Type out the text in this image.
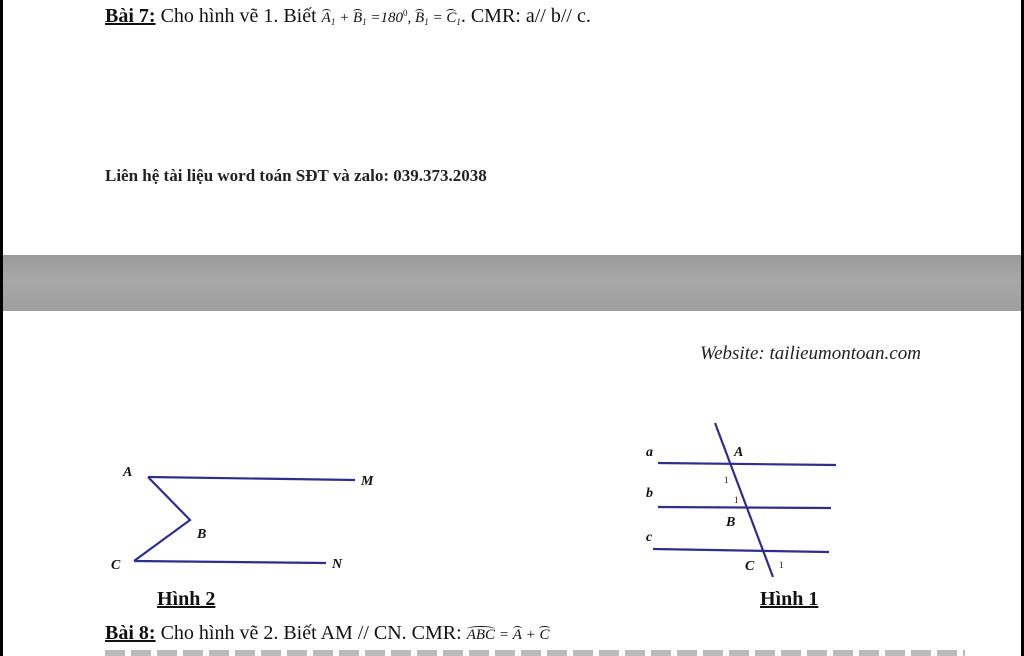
Bài 7: Cho hình vẽ 1. Biết $A_1 + B_1 =180^0$, $B_1 = C_1$. CMR: a// b// c.
Liên hệ tài liệu word toán SĐT và zalo: 039.373.2038
Website: tailieumontoan.com
A
M
B
C	N
a
b
c
A
B
C
1
1
1
Hình 2	Hình 1
Bài 8: Cho hình vẽ 2. Biết AM // CN. CMR: ABC = A + C
